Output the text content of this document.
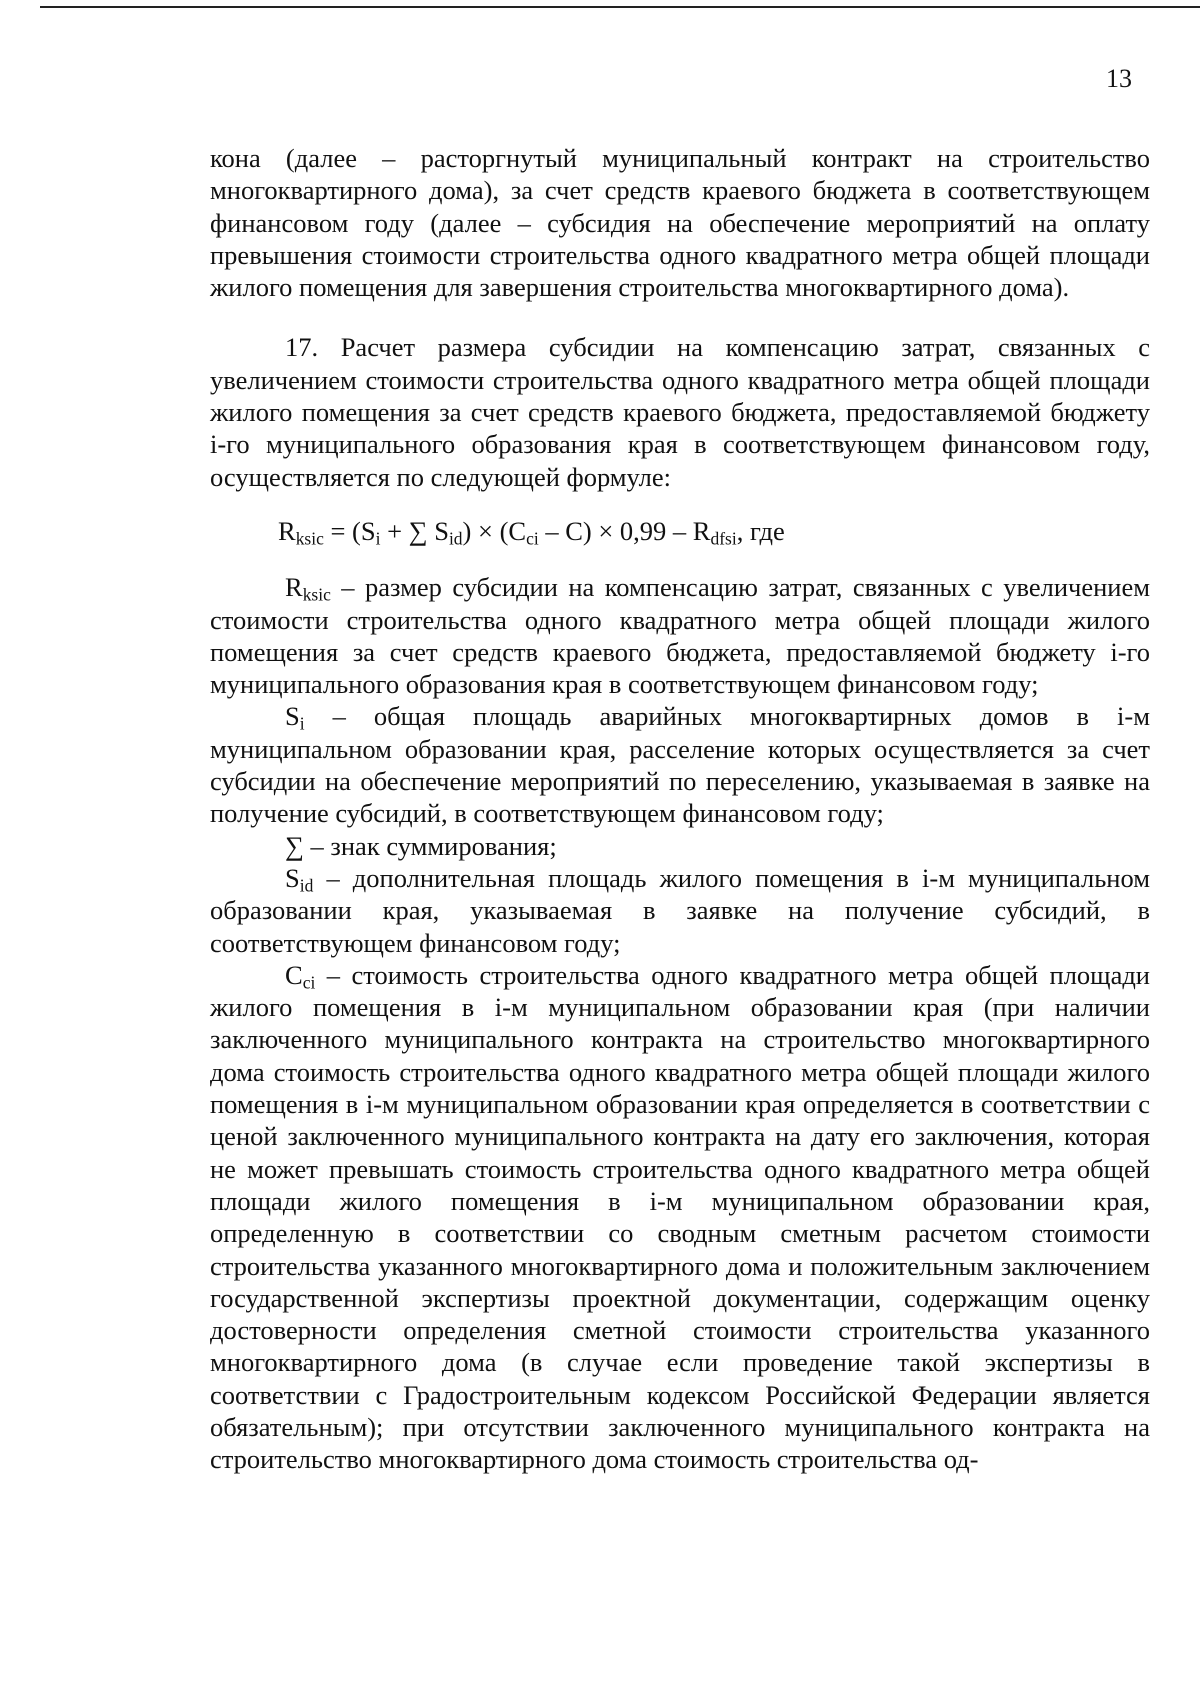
13

кона (далее – расторгнутый муниципальный контракт на строительство многоквартирного дома), за счет средств краевого бюджета в соответствующем финансовом году (далее – субсидия на обеспечение мероприятий на оплату превышения стоимости строительства одного квадратного метра общей площади жилого помещения для завершения строительства многоквартирного дома).

17. Расчет размера субсидии на компенсацию затрат, связанных с увеличением стоимости строительства одного квадратного метра общей площади жилого помещения за счет средств краевого бюджета, предоставляемой бюджету i-го муниципального образования края в соответствующем финансовом году, осуществляется по следующей формуле:

$R_{ksic} = (S_i$ + ∑ $S_{id}) \times (C_{ci} - C) \times 0,99 - R_{dfsi}$, где

$R_{ksic}$ – размер субсидии на компенсацию затрат, связанных с увеличением стоимости строительства одного квадратного метра общей площади жилого помещения за счет средств краевого бюджета, предоставляемой бюджету i-го муниципального образования края в соответствующем финансовом году;

$S_i$ – общая площадь аварийных многоквартирных домов в i-м муниципальном образовании края, расселение которых осуществляется за счет субсидии на обеспечение мероприятий по переселению, указываемая в заявке на получение субсидий, в соответствующем финансовом году;

∑ – знак суммирования;

$S_{id}$ – дополнительная площадь жилого помещения в i-м муниципальном образовании края, указываемая в заявке на получение субсидий, в соответствующем финансовом году;

$C_{ci}$ – стоимость строительства одного квадратного метра общей площади жилого помещения в i-м муниципальном образовании края (при наличии заключенного муниципального контракта на строительство многоквартирного дома стоимость строительства одного квадратного метра общей площади жилого помещения в i-м муниципальном образовании края определяется в соответствии с ценой заключенного муниципального контракта на дату его заключения, которая не может превышать стоимость строительства одного квадратного метра общей площади жилого помещения в i-м муниципальном образовании края, определенную в соответствии со сводным сметным расчетом стоимости строительства указанного многоквартирного дома и положительным заключением государственной экспертизы проектной документации, содержащим оценку достоверности определения сметной стоимости строительства указанного многоквартирного дома (в случае если проведение такой экспертизы в соответствии с Градостроительным кодексом Российской Федерации является обязательным); при отсутствии заключенного муниципального контракта на строительство многоквартирного дома стоимость строительства од-
